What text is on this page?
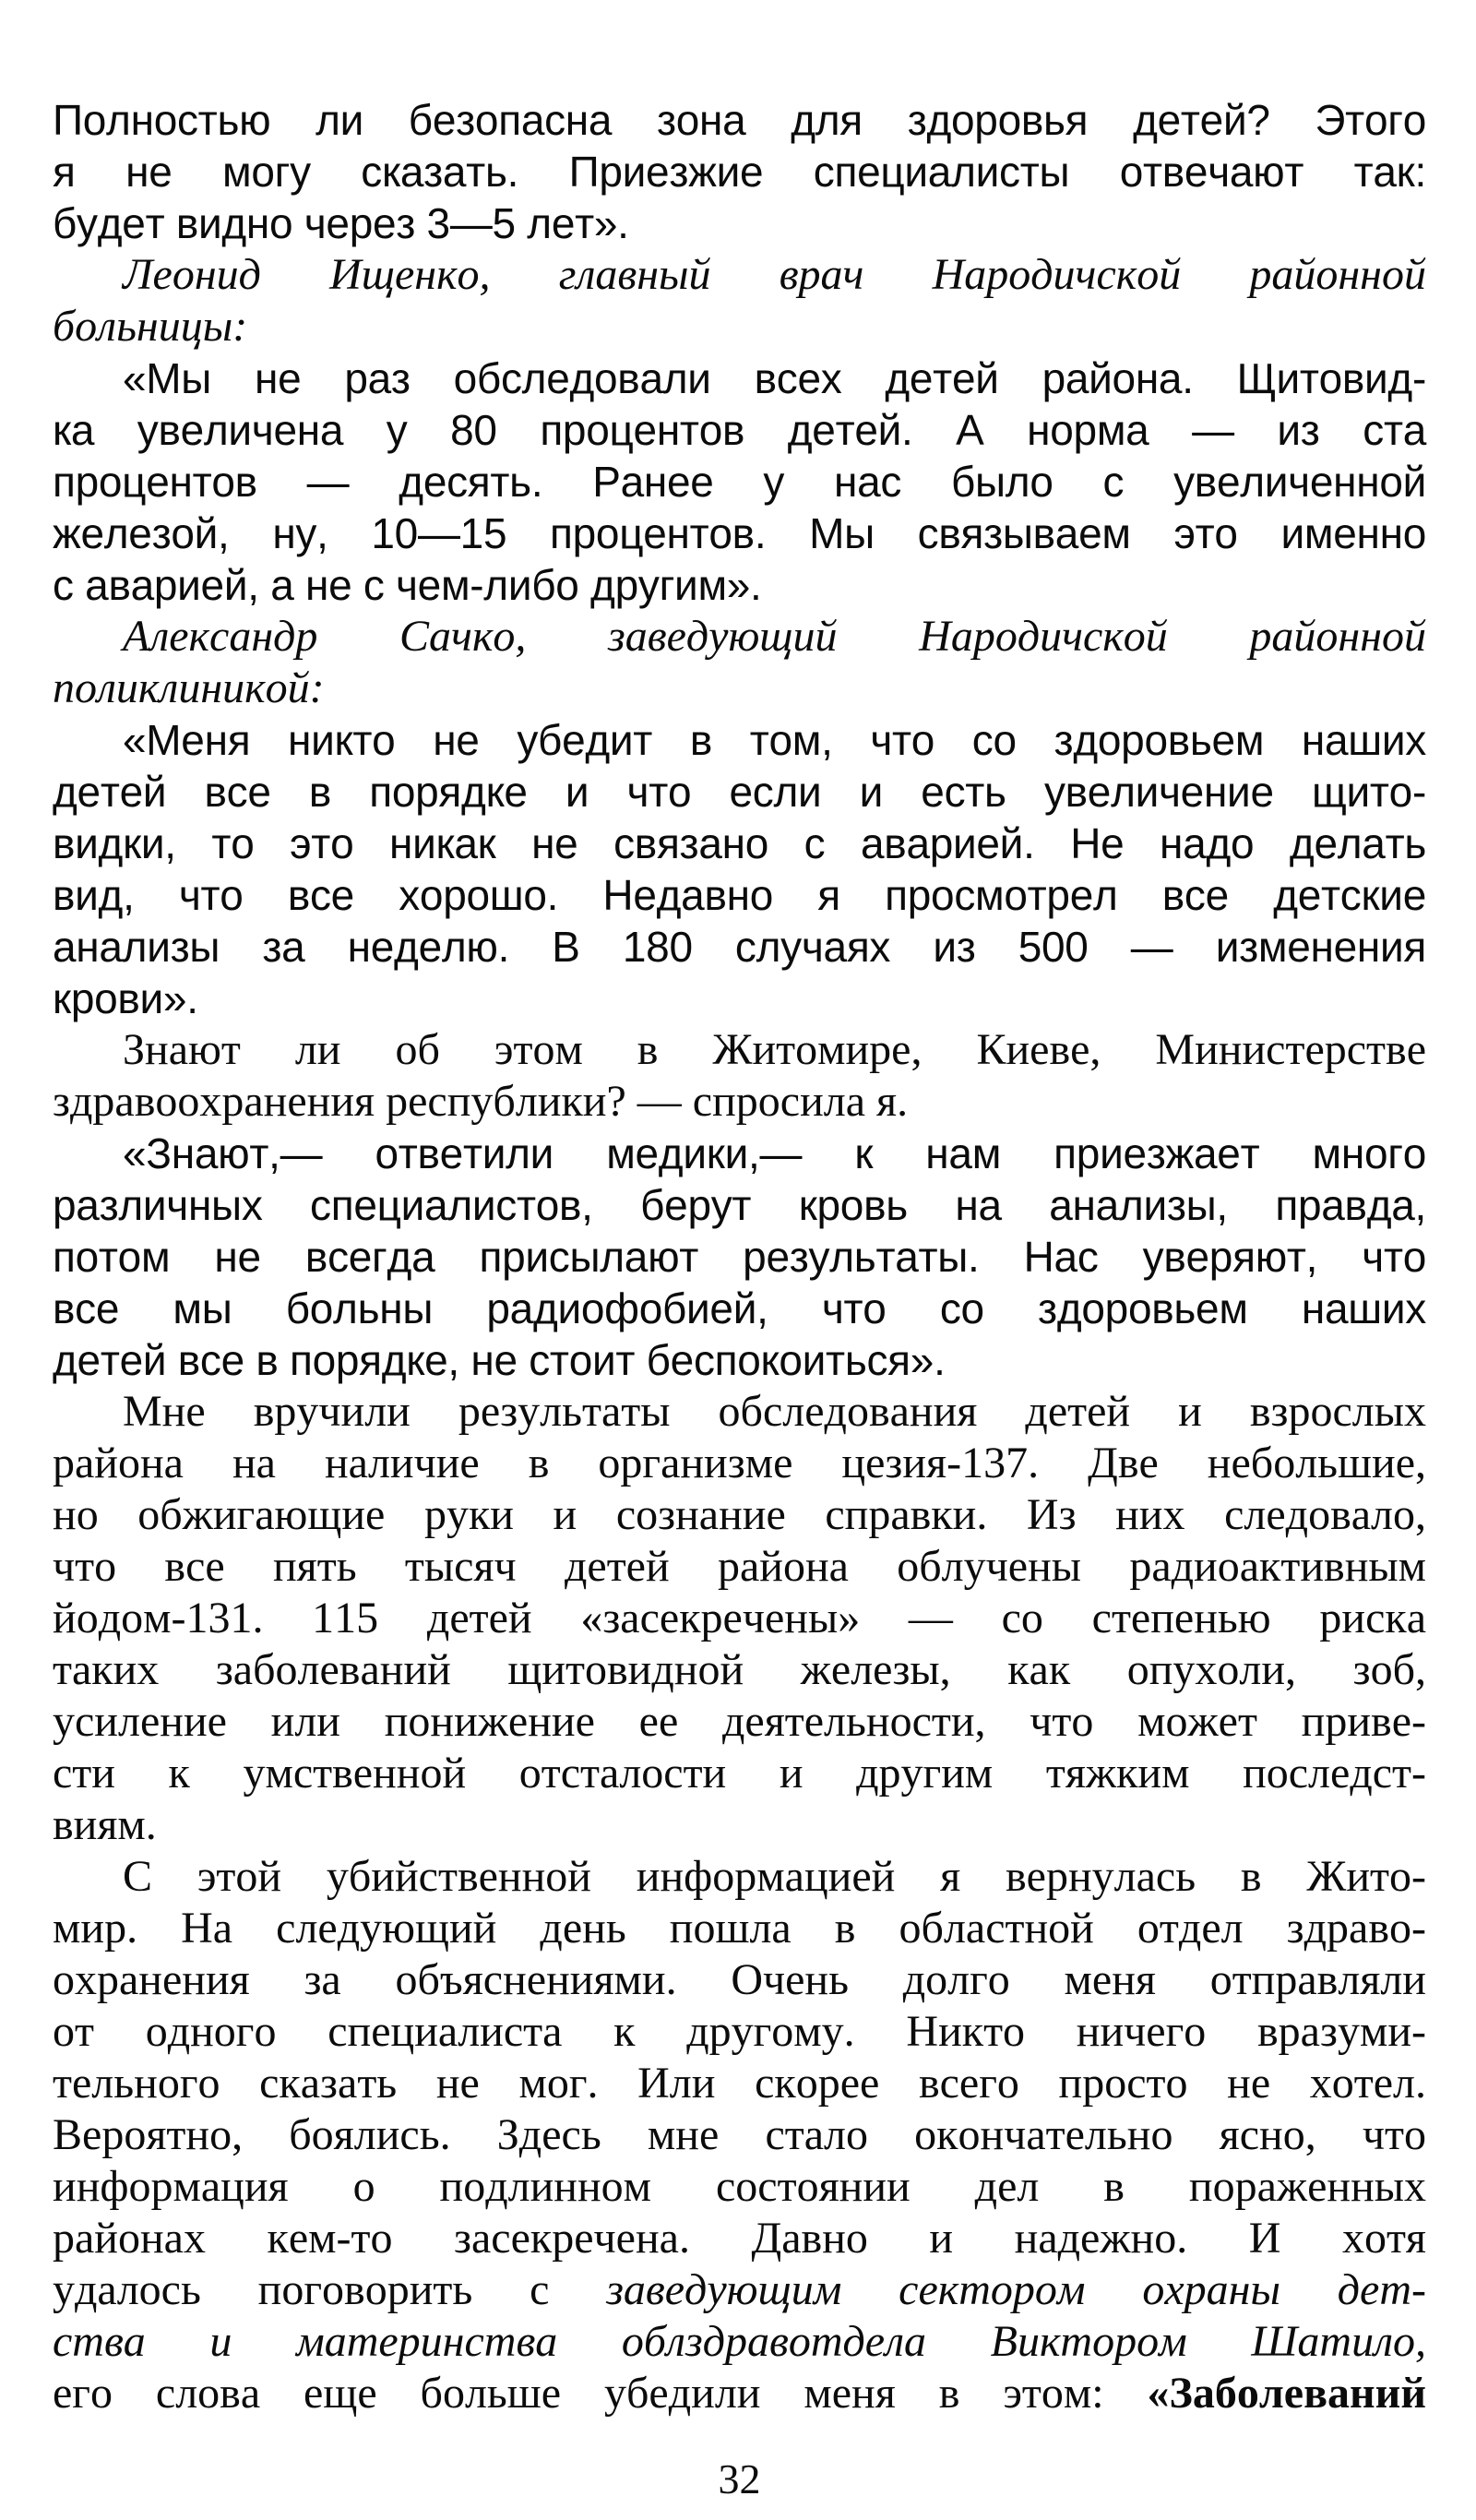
Полностью ли безопасна зона для здоровья детей? Этого
я не могу сказать. Приезжие специалисты отвечают так:
будет видно через 3—5 лет».
Леонид Ищенко, главный врач Народичской районной
больницы:
«Мы не раз обследовали всех детей района. Щитовид-
ка увеличена у 80 процентов детей. А норма — из ста
процентов — десять. Ранее у нас было с увеличенной
железой, ну, 10—15 процентов. Мы связываем это именно
с аварией, а не с чем-либо другим».
Александр Сачко, заведующий Народичской районной
поликлиникой:
«Меня никто не убедит в том, что со здоровьем наших
детей все в порядке и что если и есть увеличение щито-
видки, то это никак не связано с аварией. Не надо делать
вид, что все хорошо. Недавно я просмотрел все детские
анализы за неделю. В 180 случаях из 500 — изменения
крови».
Знают ли об этом в Житомире, Киеве, Министерстве
здравоохранения республики? — спросила я.
«Знают,— ответили медики,— к нам приезжает много
различных специалистов, берут кровь на анализы, правда,
потом не всегда присылают результаты. Нас уверяют, что
все мы больны радиофобией, что со здоровьем наших
детей все в порядке, не стоит беспокоиться».
Мне вручили результаты обследования детей и взрослых
района на наличие в организме цезия-137. Две небольшие,
но обжигающие руки и сознание справки. Из них следовало,
что все пять тысяч детей района облучены радиоактивным
йодом-131. 115 детей «засекречены» — со степенью риска
таких заболеваний щитовидной железы, как опухоли, зоб,
усиление или понижение ее деятельности, что может приве-
сти к умственной отсталости и другим тяжким последст-
виям.
С этой убийственной информацией я вернулась в Жито-
мир. На следующий день пошла в областной отдел здраво-
охранения за объяснениями. Очень долго меня отправляли
от одного специалиста к другому. Никто ничего вразуми-
тельного сказать не мог. Или скорее всего просто не хотел.
Вероятно, боялись. Здесь мне стало окончательно ясно, что
информация о подлинном состоянии дел в пораженных
районах кем-то засекречена. Давно и надежно. И хотя
удалось поговорить с заведующим сектором охраны дет-
ства и материнства облздравотдела Виктором Шатило,
его слова еще больше убедили меня в этом: «Заболеваний
32
